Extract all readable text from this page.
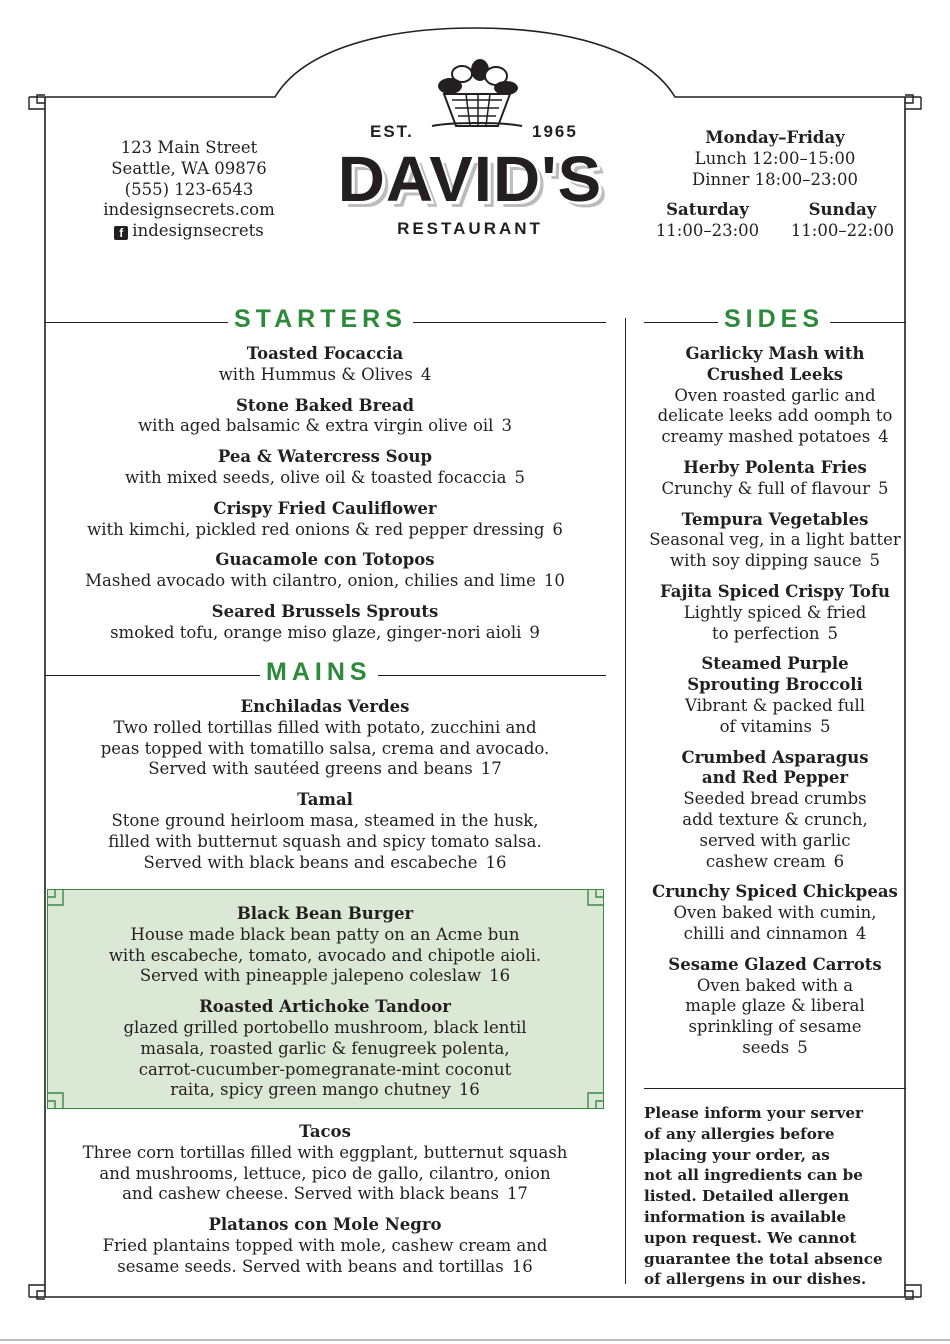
123 Main Street
Seattle, WA 09876
(555) 123-6543
indesignsecrets.com
f indesignsecrets
EST.	1965
DAVID'S
RESTAURANT
Monday–Friday
Lunch 12:00–15:00
Dinner 18:00–23:00
Saturday
11:00–23:00
Sunday
11:00–22:00
STARTERS
MAINS
SIDES
Toasted Focaccia
with Hummus & Olives 4
Stone Baked Bread
with aged balsamic & extra virgin olive oil 3
Pea & Watercress Soup
with mixed seeds, olive oil & toasted focaccia 5
Crispy Fried Cauliflower
with kimchi, pickled red onions & red pepper dressing 6
Guacamole con Totopos
Mashed avocado with cilantro, onion, chilies and lime 10
Seared Brussels Sprouts
smoked tofu, orange miso glaze, ginger-nori aioli 9
Enchiladas Verdes
Two rolled tortillas filled with potato, zucchini and
peas topped with tomatillo salsa, crema and avocado.
Served with sautéed greens and beans 17
Tamal
Stone ground heirloom masa, steamed in the husk,
filled with butternut squash and spicy tomato salsa.
Served with black beans and escabeche 16
Black Bean Burger
House made black bean patty on an Acme bun
with escabeche, tomato, avocado and chipotle aioli.
Served with pineapple jalepeno coleslaw 16
Roasted Artichoke Tandoor
glazed grilled portobello mushroom, black lentil
masala, roasted garlic & fenugreek polenta,
carrot-cucumber-pomegranate-mint coconut
raita, spicy green mango chutney 16
Tacos
Three corn tortillas filled with eggplant, butternut squash
and mushrooms, lettuce, pico de gallo, cilantro, onion
and cashew cheese. Served with black beans 17
Platanos con Mole Negro
Fried plantains topped with mole, cashew cream and
sesame seeds. Served with beans and tortillas 16
Garlicky Mash with
Crushed Leeks
Oven roasted garlic and
delicate leeks add oomph to
creamy mashed potatoes 4
Herby Polenta Fries
Crunchy & full of flavour 5
Tempura Vegetables
Seasonal veg, in a light batter
with soy dipping sauce 5
Fajita Spiced Crispy Tofu
Lightly spiced & fried
to perfection 5
Steamed Purple
Sprouting Broccoli
Vibrant & packed full
of vitamins 5
Crumbed Asparagus
and Red Pepper
Seeded bread crumbs
add texture & crunch,
served with garlic
cashew cream 6
Crunchy Spiced Chickpeas
Oven baked with cumin,
chilli and cinnamon 4
Sesame Glazed Carrots
Oven baked with a
maple glaze & liberal
sprinkling of sesame
seeds 5
Please inform your server
of any allergies before
placing your order, as
not all ingredients can be
listed. Detailed allergen
information is available
upon request. We cannot
guarantee the total absence
of allergens in our dishes.
